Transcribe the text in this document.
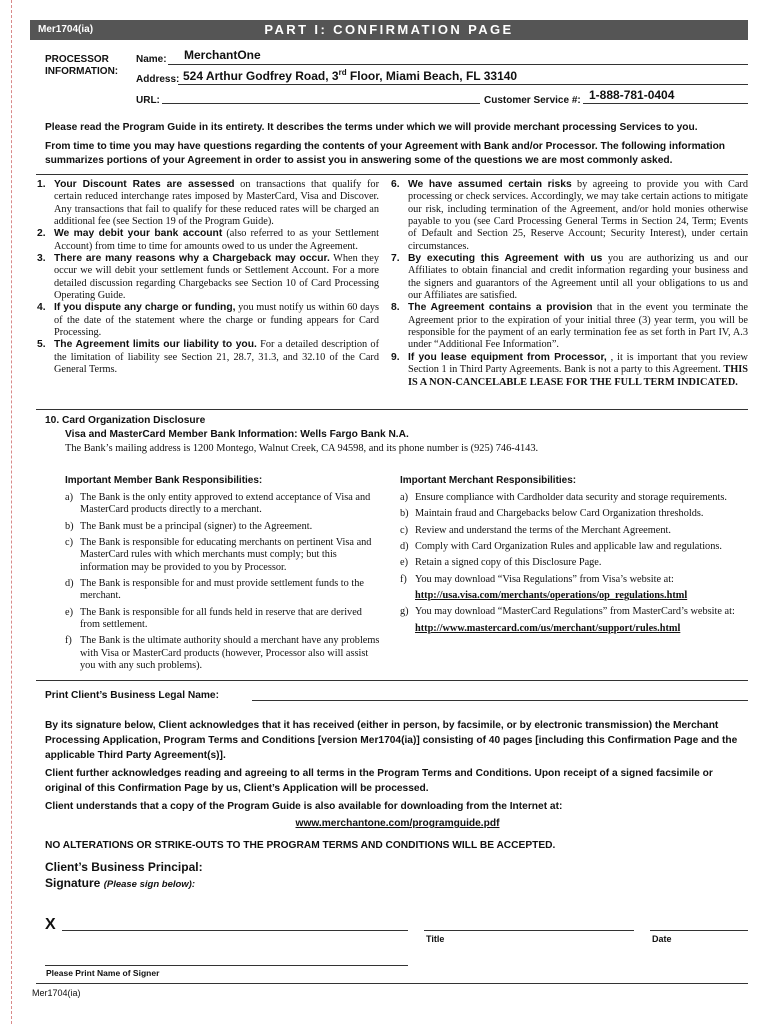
Mer1704(ia)	PART I: CONFIRMATION PAGE
PROCESSOR
INFORMATION:
Name: MerchantOne
Address: 524 Arthur Godfrey Road, 3rd Floor, Miami Beach, FL 33140
URL:	Customer Service #: 1-888-781-0404
Please read the Program Guide in its entirety. It describes the terms under which we will provide merchant processing Services to you.
From time to time you may have questions regarding the contents of your Agreement with Bank and/or Processor. The following information summarizes portions of your Agreement in order to assist you in answering some of the questions we are most commonly asked.
1. Your Discount Rates are assessed on transactions that qualify for certain reduced interchange rates imposed by MasterCard, Visa and Discover. Any transactions that fail to qualify for these reduced rates will be charged an additional fee (see Section 19 of the Program Guide).
2. We may debit your bank account (also referred to as your Settlement Account) from time to time for amounts owed to us under the Agreement.
3. There are many reasons why a Chargeback may occur. When they occur we will debit your settlement funds or Settlement Account. For a more detailed discussion regarding Chargebacks see Section 10 of Card Processing Operating Guide.
4. If you dispute any charge or funding, you must notify us within 60 days of the date of the statement where the charge or funding appears for Card Processing.
5. The Agreement limits our liability to you. For a detailed description of the limitation of liability see Section 21, 28.7, 31.3, and 32.10 of the Card General Terms.
6. We have assumed certain risks by agreeing to provide you with Card processing or check services. Accordingly, we may take certain actions to mitigate our risk, including termination of the Agreement, and/or hold monies otherwise payable to you (see Card Processing General Terms in Section 24, Term; Events of Default and Section 25, Reserve Account; Security Interest), under certain circumstances.
7. By executing this Agreement with us you are authorizing us and our Affiliates to obtain financial and credit information regarding your business and the signers and guarantors of the Agreement until all your obligations to us and our Affiliates are satisfied.
8. The Agreement contains a provision that in the event you terminate the Agreement prior to the expiration of your initial three (3) year term, you will be responsible for the payment of an early termination fee as set forth in Part IV, A.3 under “Additional Fee Information”.
9. If you lease equipment from Processor, , it is important that you review Section 1 in Third Party Agreements. Bank is not a party to this Agreement. THIS IS A NON-CANCELABLE LEASE FOR THE FULL TERM INDICATED.
10. Card Organization Disclosure
Visa and MasterCard Member Bank Information: Wells Fargo Bank N.A.
The Bank’s mailing address is 1200 Montego, Walnut Creek, CA 94598, and its phone number is (925) 746-4143.
Important Member Bank Responsibilities:
a) The Bank is the only entity approved to extend acceptance of Visa and MasterCard products directly to a merchant.
b) The Bank must be a principal (signer) to the Agreement.
c) The Bank is responsible for educating merchants on pertinent Visa and MasterCard rules with which merchants must comply; but this information may be provided to you by Processor.
d) The Bank is responsible for and must provide settlement funds to the merchant.
e) The Bank is responsible for all funds held in reserve that are derived from settlement.
f) The Bank is the ultimate authority should a merchant have any problems with Visa or MasterCard products (however, Processor also will assist you with any such problems).
Important Merchant Responsibilities:
a) Ensure compliance with Cardholder data security and storage requirements.
b) Maintain fraud and Chargebacks below Card Organization thresholds.
c) Review and understand the terms of the Merchant Agreement.
d) Comply with Card Organization Rules and applicable law and regulations.
e) Retain a signed copy of this Disclosure Page.
f) You may download “Visa Regulations” from Visa’s website at:
http://usa.visa.com/merchants/operations/op_regulations.html
g) You may download “MasterCard Regulations” from MasterCard’s website at:
http://www.mastercard.com/us/merchant/support/rules.html
Print Client’s Business Legal Name:
By its signature below, Client acknowledges that it has received (either in person, by facsimile, or by electronic transmission) the Merchant Processing Application, Program Terms and Conditions [version Mer1704(ia)] consisting of 40 pages [including this Confirmation Page and the applicable Third Party Agreement(s)].
Client further acknowledges reading and agreeing to all terms in the Program Terms and Conditions. Upon receipt of a signed facsimile or original of this Confirmation Page by us, Client’s Application will be processed.
Client understands that a copy of the Program Guide is also available for downloading from the Internet at:
www.merchantone.com/programguide.pdf
NO ALTERATIONS OR STRIKE-OUTS TO THE PROGRAM TERMS AND CONDITIONS WILL BE ACCEPTED.
Client’s Business Principal:
Signature (Please sign below):
X
Title	Date
Please Print Name of Signer
Mer1704(ia)
